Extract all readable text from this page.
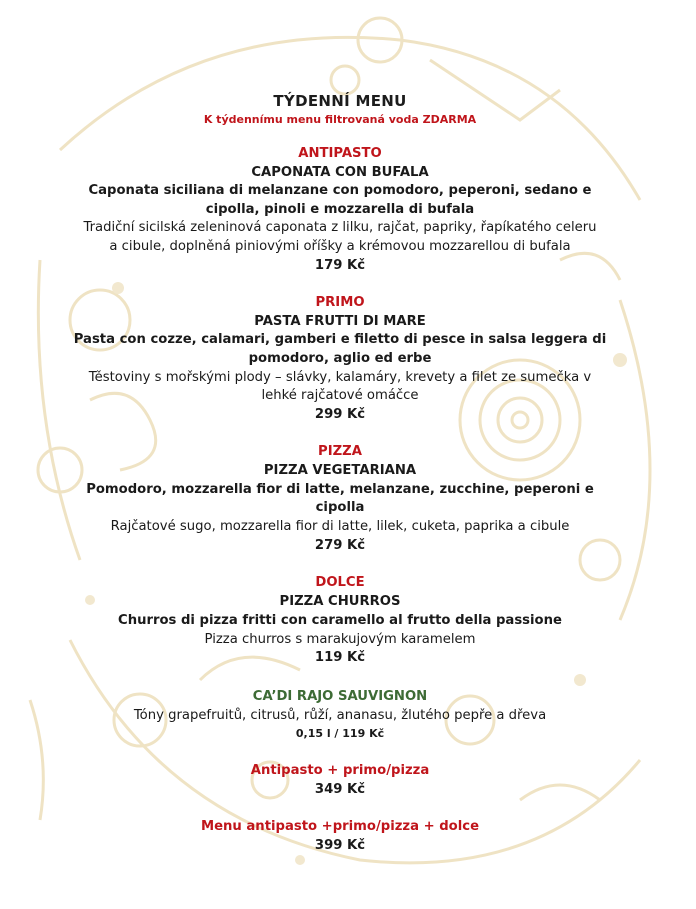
TÝDENNÍ MENU
K týdennímu menu filtrovaná voda ZDARMA
ANTIPASTO
CAPONATA CON BUFALA
Caponata siciliana di melanzane con pomodoro, peperoni, sedano e
cipolla, pinoli e mozzarella di bufala
Tradiční sicilská zeleninová caponata z lilku, rajčat, papriky, řapíkatého celeru
a cibule, doplněná piniovými oříšky a krémovou mozzarellou di bufala
179 Kč
PRIMO
PASTA FRUTTI DI MARE
Pasta con cozze, calamari, gamberi e filetto di pesce in salsa leggera di
pomodoro, aglio ed erbe
Těstoviny s mořskými plody – slávky, kalamáry, krevety a filet ze sumečka v
lehké rajčatové omáčce
299 Kč
PIZZA
PIZZA VEGETARIANA
Pomodoro, mozzarella fior di latte, melanzane, zucchine, peperoni e
cipolla
Rajčatové sugo, mozzarella fior di latte, lilek, cuketa, paprika a cibule
279 Kč
DOLCE
PIZZA CHURROS
Churros di pizza fritti con caramello al frutto della passione
Pizza churros s marakujovým karamelem
119 Kč
CA’DI RAJO SAUVIGNON
Tóny grapefruitů, citrusů, růží, ananasu, žlutého pepře a dřeva
0,15 l / 119 Kč
Antipasto + primo/pizza
349 Kč
Menu antipasto +primo/pizza + dolce
399 Kč
